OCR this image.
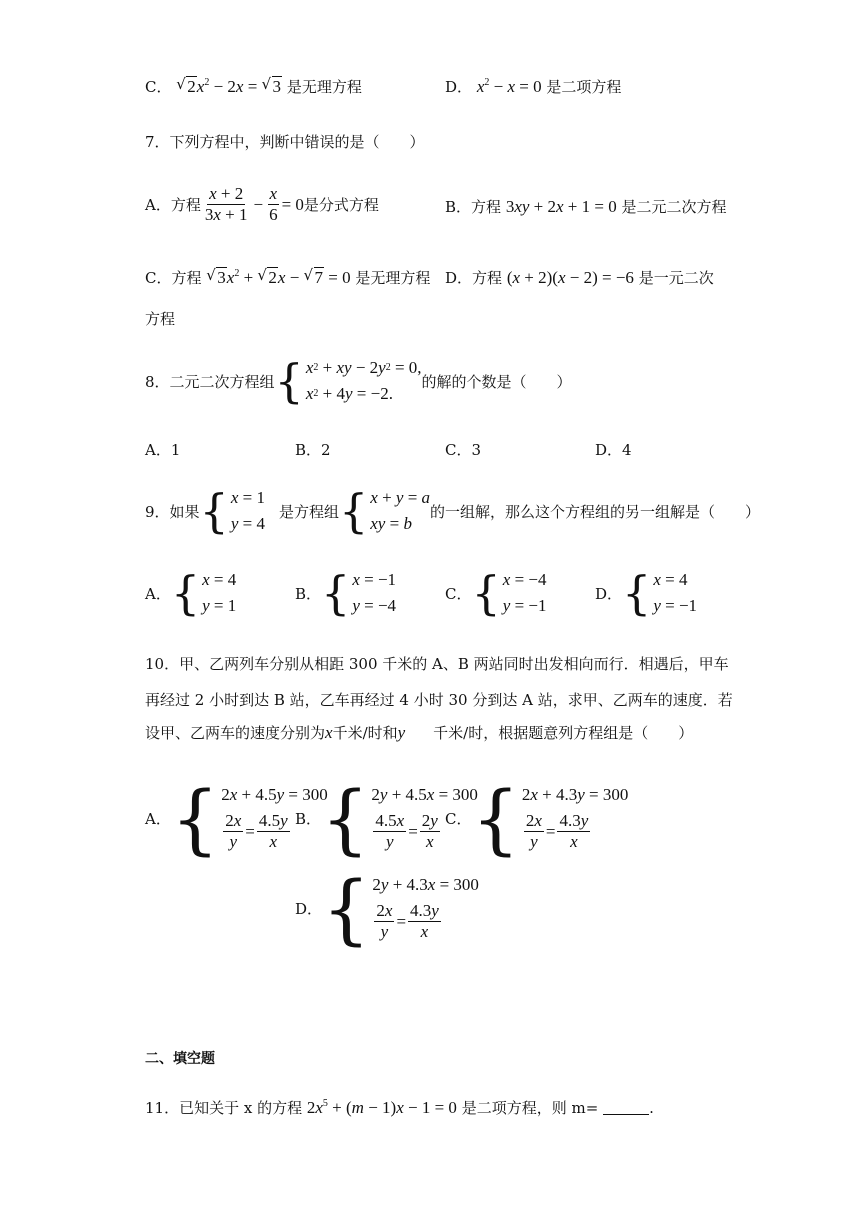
C． √ $2x^2 - 2x$ = √ 3 是无理方程	D． $x^2 - x = 0$ 是二项方程
7．下列方程中，判断中错误的是（　　）
A．方程 $\frac{x + 2}{3x + 1} - \frac{x}{6} = 0$ 是分式方程	B．方程 3xy + 2x + 1 = 0 是二元二次方程
C．方程 √ $3x^2$ + √ 2x − √ 7 = 0 是无理方程 D．方程 (x + 2)(x − 2) = −6 是一元二次
方程
8．二元二次方程组 { x 2
+ xy − 2 y 2
= 0,
x 2
+ 4 y = −2.
的解的个数是（　　）
A．1	B．2	C．3	D．4
9．如果 { x = 1
y = 4
是方程组 { x + y = a
xy = b
的一组解，那么这个方程组的另一组解是（　　）
A． { x = 4
y = 1
B． { x = −1
y = −4
C． { x = −4
y = −1
D． { x = 4
y = −1
10．甲、乙两列车分别从相距 300 千米的 A、B 两站同时出发相向而行．相遇后，甲车
再经过 2 小时到达 B 站，乙车再经过 4 小时 30 分到达 A 站，求甲、乙两车的速度．若
设甲、乙两车的速度分别为x千米/时和y 千米/时，根据题意列方程组是（　　）
A． { 2 x + 4.5 y = 300
$\frac{2x}{y} = \frac{4.5y}{x}$ B． { 2 y + 4.5 x = 300
$\frac{4.5x}{y} = \frac{2y}{x}$ C． { 2 x + 4.3 y = 300
$\frac{2x}{y} = \frac{4.3y}{x}$
D． { 2 y + 4.3 x = 300
$\frac{2x}{y} = \frac{4.3y}{x}$
二、填空题
11．已知关于 x 的方程 $2x^5 + (m - 1)x - 1 = 0$ 是二项方程，则 m=	.
